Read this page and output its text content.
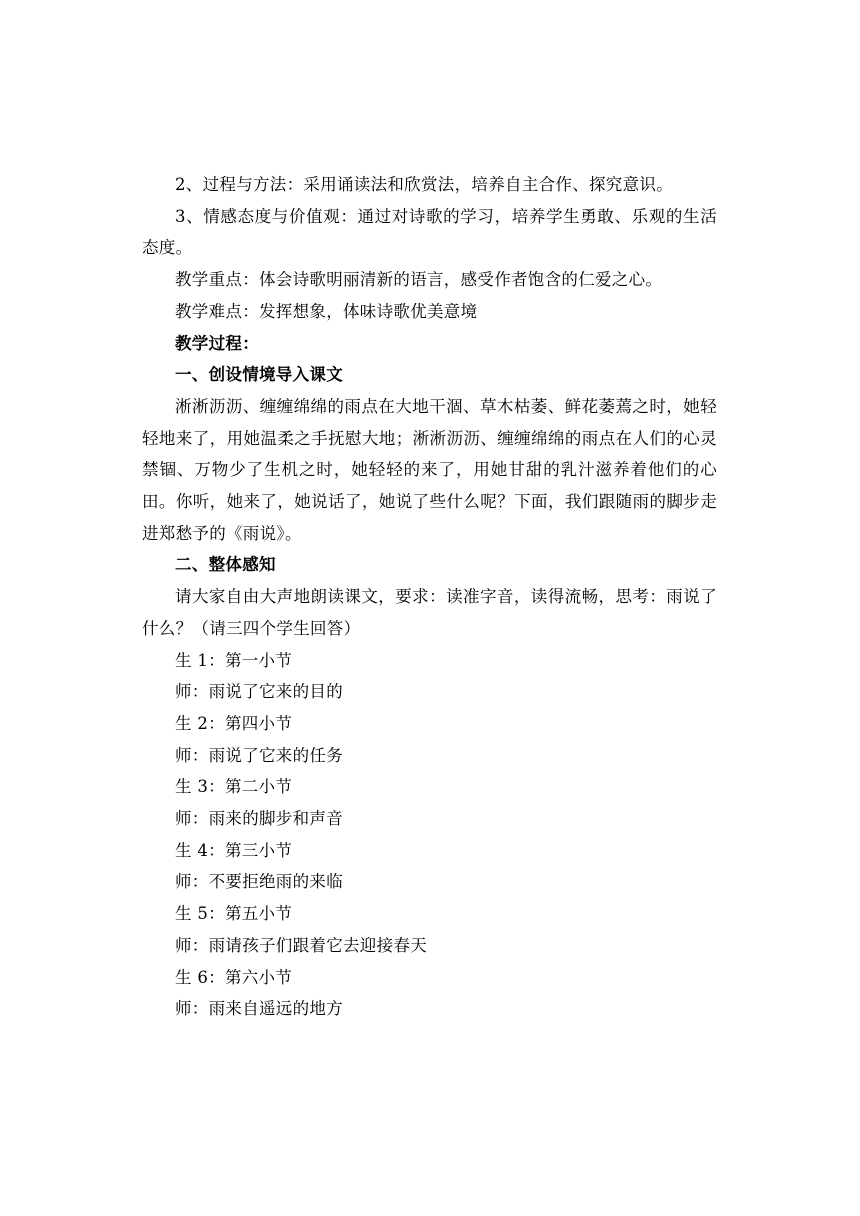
2、过程与方法：采用诵读法和欣赏法，培养自主合作、探究意识。

3、情感态度与价值观：通过对诗歌的学习，培养学生勇敢、乐观的生活态度。

教学重点：体会诗歌明丽清新的语言，感受作者饱含的仁爱之心。

教学难点：发挥想象，体味诗歌优美意境

教学过程：

一、创设情境导入课文

淅淅沥沥、缠缠绵绵的雨点在大地干涸、草木枯萎、鲜花萎蔫之时，她轻轻地来了，用她温柔之手抚慰大地；淅淅沥沥、缠缠绵绵的雨点在人们的心灵禁锢、万物少了生机之时，她轻轻的来了，用她甘甜的乳汁滋养着他们的心田。你听，她来了，她说话了，她说了些什么呢？下面，我们跟随雨的脚步走进郑愁予的《雨说》。

二、整体感知

请大家自由大声地朗读课文，要求：读准字音，读得流畅，思考：雨说了什么？（请三四个学生回答）

生 1：第一小节

师：雨说了它来的目的

生 2：第四小节

师：雨说了它来的任务

生 3：第二小节

师：雨来的脚步和声音

生 4：第三小节

师：不要拒绝雨的来临

生 5：第五小节

师：雨请孩子们跟着它去迎接春天

生 6：第六小节

师：雨来自遥远的地方
